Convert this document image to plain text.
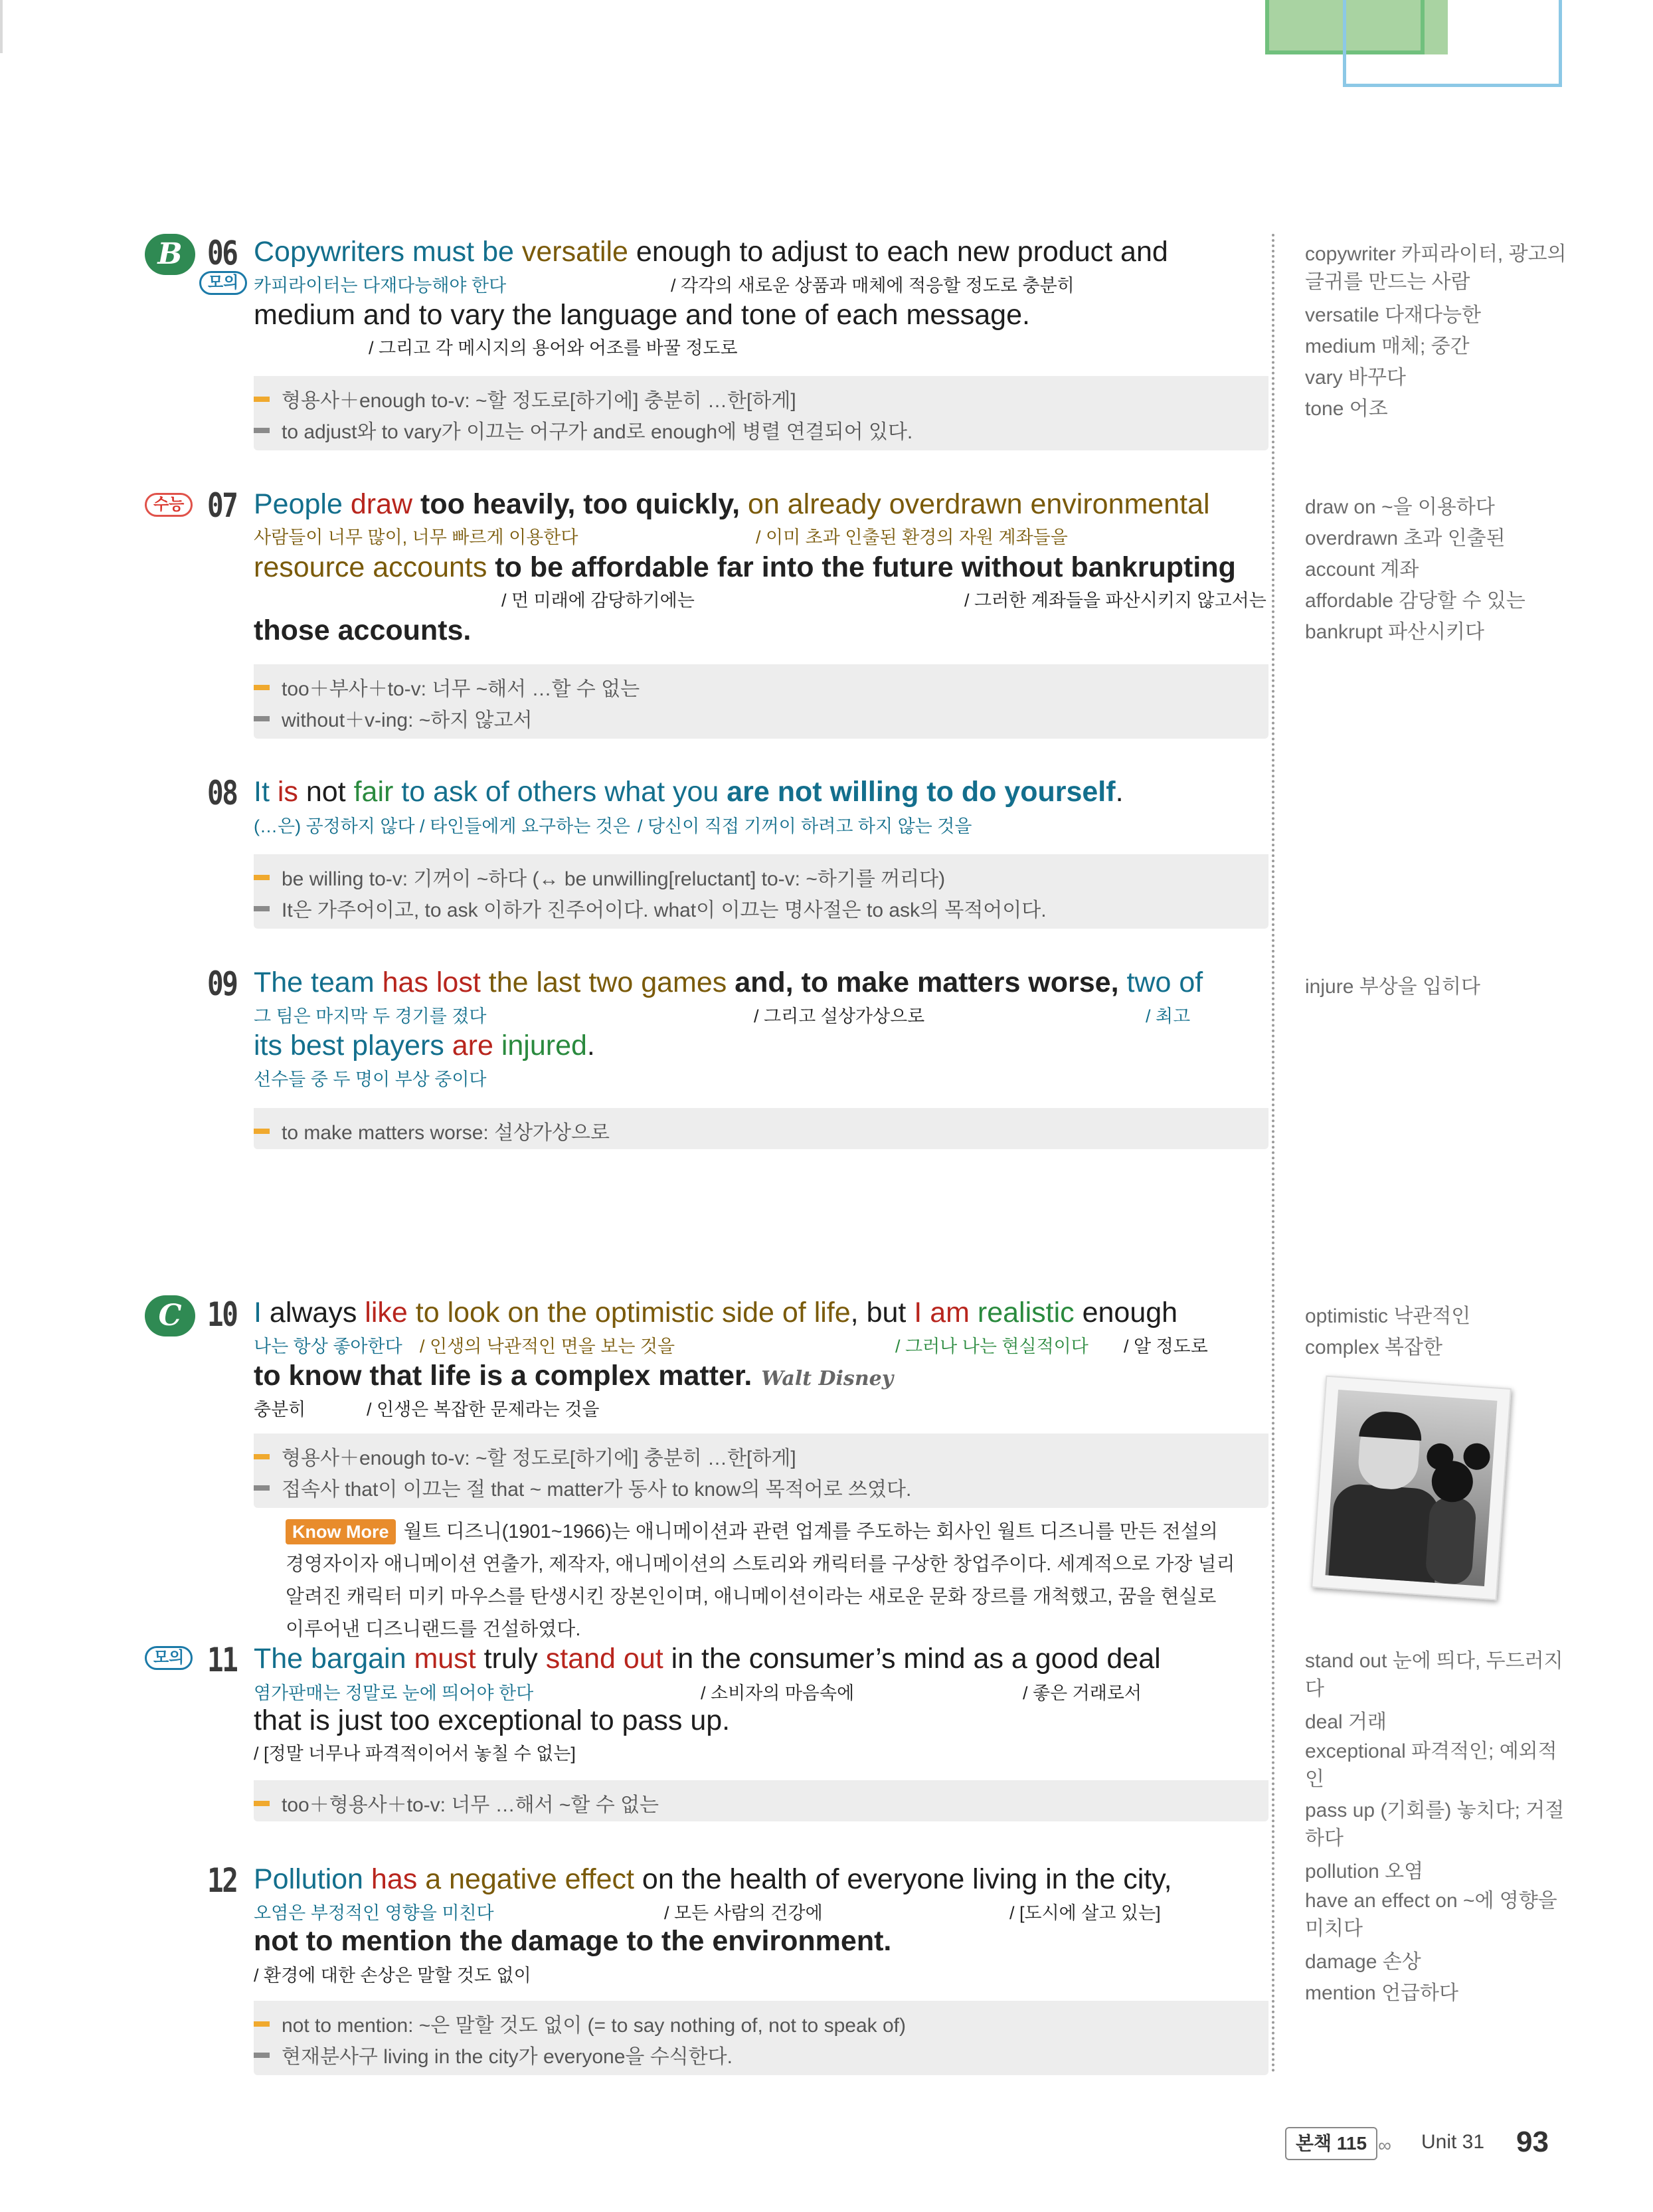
B
모의
06 Copywriters must be versatile enough to adjust to each new product and
카피라이터는 다재다능해야 한다	/ 각각의 새로운 상품과 매체에 적응할 정도로 충분히
medium and to vary the language and tone of each message.
/ 그리고 각 메시지의 용어와 어조를 바꿀 정도로
형용사＋enough to-v: ~할 정도로[하기에] 충분히 …한[하게]
to adjust와 to vary가 이끄는 어구가 and로 enough에 병렬 연결되어 있다.
수능 07 People draw too heavily, too quickly, on already overdrawn environmental
사람들이 너무 많이, 너무 빠르게 이용한다	/ 이미 초과 인출된 환경의 자원 계좌들을
resource accounts to be affordable far into the future without bankrupting
/ 먼 미래에 감당하기에는	/ 그러한 계좌들을 파산시키지 않고서는
those accounts.
too＋부사＋to-v: 너무 ~해서 …할 수 없는
without＋v-ing: ~하지 않고서
08 It is not fair to ask of others what you are not willing to do yourself.
(…은) 공정하지 않다 / 타인들에게 요구하는 것은 / 당신이 직접 기꺼이 하려고 하지 않는 것을
be willing to-v: 기꺼이 ~하다 (↔ be unwilling[reluctant] to-v: ~하기를 꺼리다)
It은 가주어이고, to ask 이하가 진주어이다. what이 이끄는 명사절은 to ask의 목적어이다.
09 The team has lost the last two games and, to make matters worse, two of
그 팀은 마지막 두 경기를 졌다	/ 그리고 설상가상으로	/ 최고
its best players are injured.
선수들 중 두 명이 부상 중이다
to make matters worse: 설상가상으로
C 10 I always like to look on the optimistic side of life, but I am realistic enough
나는 항상 좋아한다 / 인생의 낙관적인 면을 보는 것을	/ 그러나 나는 현실적이다 / 알 정도로
to know that life is a complex matter. Walt Disney
충분히	/ 인생은 복잡한 문제라는 것을
형용사＋enough to-v: ~할 정도로[하기에] 충분히 …한[하게]
접속사 that이 이끄는 절 that ~ matter가 동사 to know의 목적어로 쓰였다.
Know More 월트 디즈니(1901~1966)는 애니메이션과 관련 업계를 주도하는 회사인 월트 디즈니를 만든 전설의 경영자이자 애니메이션 연출가, 제작자, 애니메이션의 스토리와 캐릭터를 구상한 창업주이다. 세계적으로 가장 널리 알려진 캐릭터 미키 마우스를 탄생시킨 장본인이며, 애니메이션이라는 새로운 문화 장르를 개척했고, 꿈을 현실로 이루어낸 디즈니랜드를 건설하였다.
모의 11 The bargain must truly stand out in the consumer’s mind as a good deal
염가판매는 정말로 눈에 띄어야 한다	/ 소비자의 마음속에	/ 좋은 거래로서
that is just too exceptional to pass up.
/ [정말 너무나 파격적이어서 놓칠 수 없는]
too＋형용사＋to-v: 너무 …해서 ~할 수 없는
12 Pollution has a negative effect on the health of everyone living in the city,
오염은 부정적인 영향을 미친다	/ 모든 사람의 건강에	/ [도시에 살고 있는]
not to mention the damage to the environment.
/ 환경에 대한 손상은 말할 것도 없이
not to mention: ~은 말할 것도 없이 (= to say nothing of, not to speak of)
현재분사구 living in the city가 everyone을 수식한다.
copywriter 카피라이터, 광고의 글귀를 만드는 사람
versatile 다재다능한
medium 매체; 중간
vary 바꾸다
tone 어조
draw on ~을 이용하다
overdrawn 초과 인출된
account 계좌
affordable 감당할 수 있는
bankrupt 파산시키다
injure 부상을 입히다
optimistic 낙관적인
complex 복잡한
stand out 눈에 띄다, 두드러지다
deal 거래
exceptional 파격적인; 예외적인
pass up (기회를) 놓치다; 거절하다
pollution 오염
have an effect on ~에 영향을 미치다
damage 손상
mention 언급하다
본책 115 ∞ Unit 31 93
